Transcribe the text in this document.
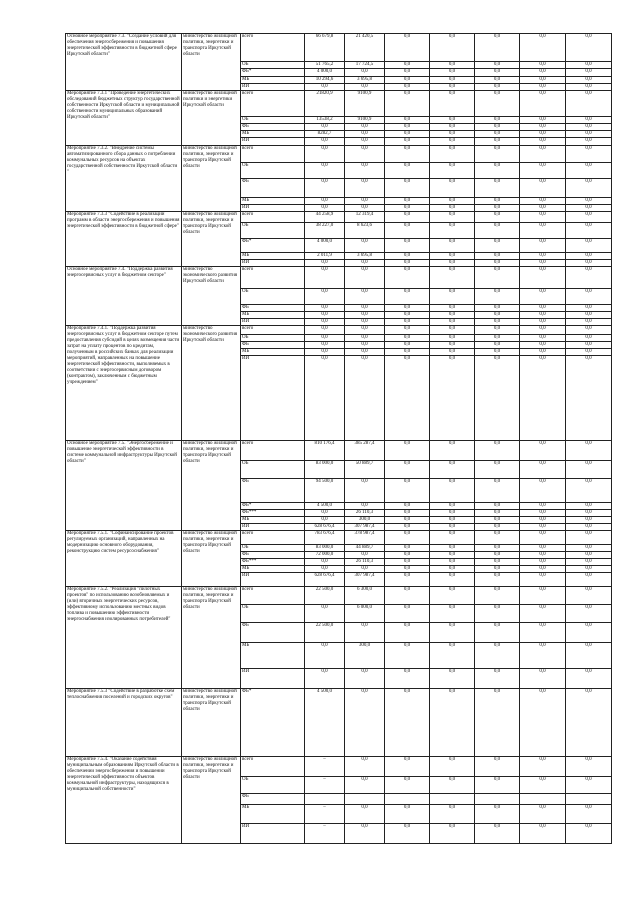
Основное мероприятие 7.3. "Создание условий для обеспечения энергосбережения и повышения энергетической эффективности в бюджетной сфере Иркутской области"	министерство жилищной политики, энергетики и транспорта Иркутской области	всего	66 679,8	21 420,5	0,0	0,0	0,0	0,0	0,0
		ОБ	51 765,2	17 724,5	0,0	0,0	0,0	0,0	0,0
		ФБ*	4 000,0	0,0	0,0	0,0	0,0	0,0	0,0
		МБ	10 294,6	3 695,8	0,0	0,0	0,0	0,0	0,0
		ИИ	0,0	0,0	0,0	0,0	0,0	0,0	0,0
Мероприятие 7.3.1 "Проведение энергетических обследований бюджетных структур государственной собственности Иркутской области и муниципальной собственности муниципальных образований Иркутской области"	министерство жилищной политики и энергетики Иркутской области	всего	21820,9	9100,9	0,0	0,0	0,0	0,0	0,0
		ОБ	13538,2	9100,9	0,0	0,0	0,0	0,0	0,0
		ФБ	0,0	0,0	0,0	0,0	0,0	0,0	0,0
		МБ	8282,7	0,0	0,0	0,0	0,0	0,0	0,0
		ИИ	0,0	0,0	0,0	0,0	0,0	0,0	0,0
Мероприятие 7.3.2. "Внедрение системы автоматизированного сбора данных о потреблении коммунальных ресурсов на объектах государственной собственности Иркутской области "	министерство жилищной политики, энергетики и транспорта Иркутской области	всего	0,0	0,0	0,0	0,0	0,0	0,0	0,0
		ОБ	0,0	0,0	0,0	0,0	0,0	0,0	0,0
		ФБ	0,0	0,0	0,0	0,0	0,0	0,0	0,0
		МБ	0,0	0,0	0,0	0,0	0,0	0,0	0,0
		ИИ	0,0	0,0	0,0	0,0	0,0	0,0	0,0
Мероприятие 7.3.3 "Содействие в реализации программ в области энергосбережения и повышения энергетической эффективности в бюджетной сфере"	министерство жилищной политики, энергетики и транспорта Иркутской области	всего	44 258,9	12 319,4	0,0	0,0	0,0	0,0	0,0
		ОБ	38 227,0	8 623,6	0,0	0,0	0,0	0,0	0,0
		ФБ*	4 000,0	0,0	0,0	0,0	0,0	0,0	0,0
		МБ	2 011,9	3 695,8	0,0	0,0	0,0	0,0	0,0
		ИИ	0,0	0,0	0,0	0,0	0,0	0,0	0,0
Основное мероприятие 7.4. "Поддержка развития энергосервисных услуг в бюджетном секторе"	министерство экономического развития Иркутской области	всего	0,0	0,0	0,0	0,0	0,0	0,0	0,0
		ОБ	0,0	0,0	0,0	0,0	0,0	0,0	0,0
		ФБ	0,0	0,0	0,0	0,0	0,0	0,0	0,0
		МБ	0,0	0,0	0,0	0,0	0,0	0,0	0,0
		ИИ	0,0	0,0	0,0	0,0	0,0	0,0	0,0
Мероприятие 7.4.1. "Поддержка развития энергосервисных услуг в бюджетном секторе путем предоставления субсидий в целях возмещения части затрат на уплату процентов по кредитам, полученным в российских банках для реализации мероприятий, направленных на повышение энергетической эффективности, выполняемых в соответствии с энергосервисным договором (контрактом), заключенным с бюджетным учреждением"	министерство экономического развития Иркутской области	всего	0,0	0,0	0,0	0,0	0,0	0,0	0,0
		ОБ	0,0	0,0	0,0	0,0	0,0	0,0	0,0
		ФБ	0,0	0,0	0,0	0,0	0,0	0,0	0,0
		МБ	0,0	0,0	0,0	0,0	0,0	0,0	0,0
		ИИ	0,0	0,0	0,0	0,0	0,0	0,0	0,0
Основное мероприятие 7.5. "Энергосбережение и повышение энергетической эффективности в системе коммунальной инфраструктуры Иркутской области"	министерство жилищной политики, энергетики и транспорта Иркутской области	всего	810 176,4	385 287,4	0,0	0,0	0,0	0,0	0,0
		ОБ	83 000,0	50 889,7	0,0	0,0	0,0	0,0	0,0
		ФБ	94 500,0	0,0	0,0	0,0	0,0	0,0	0,0
		ФБ*	4 500,0	0,0	0,0	0,0	0,0	0,0	0,0
		ФБ***	0,0	26 110,3	0,0	0,0	0,0	0,0	0,0
		МБ	0,0	300,0	0,0	0,0	0,0	0,0	0,0
		ИИ	628 676,4	307 987,4	0,0	0,0	0,0	0,0	0,0
Мероприятие 7.5.1. "Софинансирование проектов регулируемых организаций, направленных на модернизацию основного оборудования, реконструкцию систем ресурсоснабжения"	министерство жилищной политики, энергетики и транспорта Иркутской области	всего	783 676,4	378 987,4	0,0	0,0	0,0	0,0	0,0
		ОБ	83 000,0	44 889,7	0,0	0,0	0,0	0,0	0,0
		ФБ	72 000,0	0,0	0,0	0,0	0,0	0,0	0,0
		ФБ***	0,0	26 110,3	0,0	0,0	0,0	0,0	0,0
		МБ	0,0	0,0	0,0	0,0	0,0	0,0	0,0
		ИИ	628 676,4	307 987,4	0,0	0,0	0,0	0,0	0,0
Мероприятие 7.5.2. "Реализация "пилотных проектов" по использованию возобновляемых и (или) вторичных энергетических ресурсов, эффективному использованию местных видов топлива и повышению эффективности энергоснабжения изолированных потребителей"	министерство жилищной политики, энергетики и транспорта Иркутской области	всего	22 500,0	6 300,0	0,0	0,0	0,0	0,0	0,0
		ОБ	0,0	6 000,0	0,0	0,0	0,0	0,0	0,0
		ФБ	22 500,0	0,0	0,0	0,0	0,0	0,0	0,0
		МБ	0,0	300,0	0,0	0,0	0,0	0,0	0,0
		ИИ	0,0	0,0	0,0	0,0	0,0	0,0	0,0
Мероприятие 7.5.3 "Содействие в разработке схем теплоснабжения поселений и городских округов"	министерство жилищной политики, энергетики и транспорта Иркутской области	ФБ*	4 500,0	0,0	0,0	0,0	0,0	0,0	0,0
Мероприятие 7.5.4. "Оказание содействия муниципальным образованиям Иркутской области в обеспечении энергосбережения и повышении энергетической эффективности объектов коммунальной инфраструктуры, находящихся в муниципальной собственности"	министерство жилищной политики, энергетики и транспорта Иркутской области	всего	–	0,0	0,0	0,0	0,0	0,0	0,0
		ОБ	–	0,0	0,0	0,0	0,0	0,0	0,0
		ФБ							
		МБ	–	0,0	0,0	0,0	0,0	0,0	0,0
		ИИ	–	0,0	0,0	0,0	0,0	0,0	0,0
